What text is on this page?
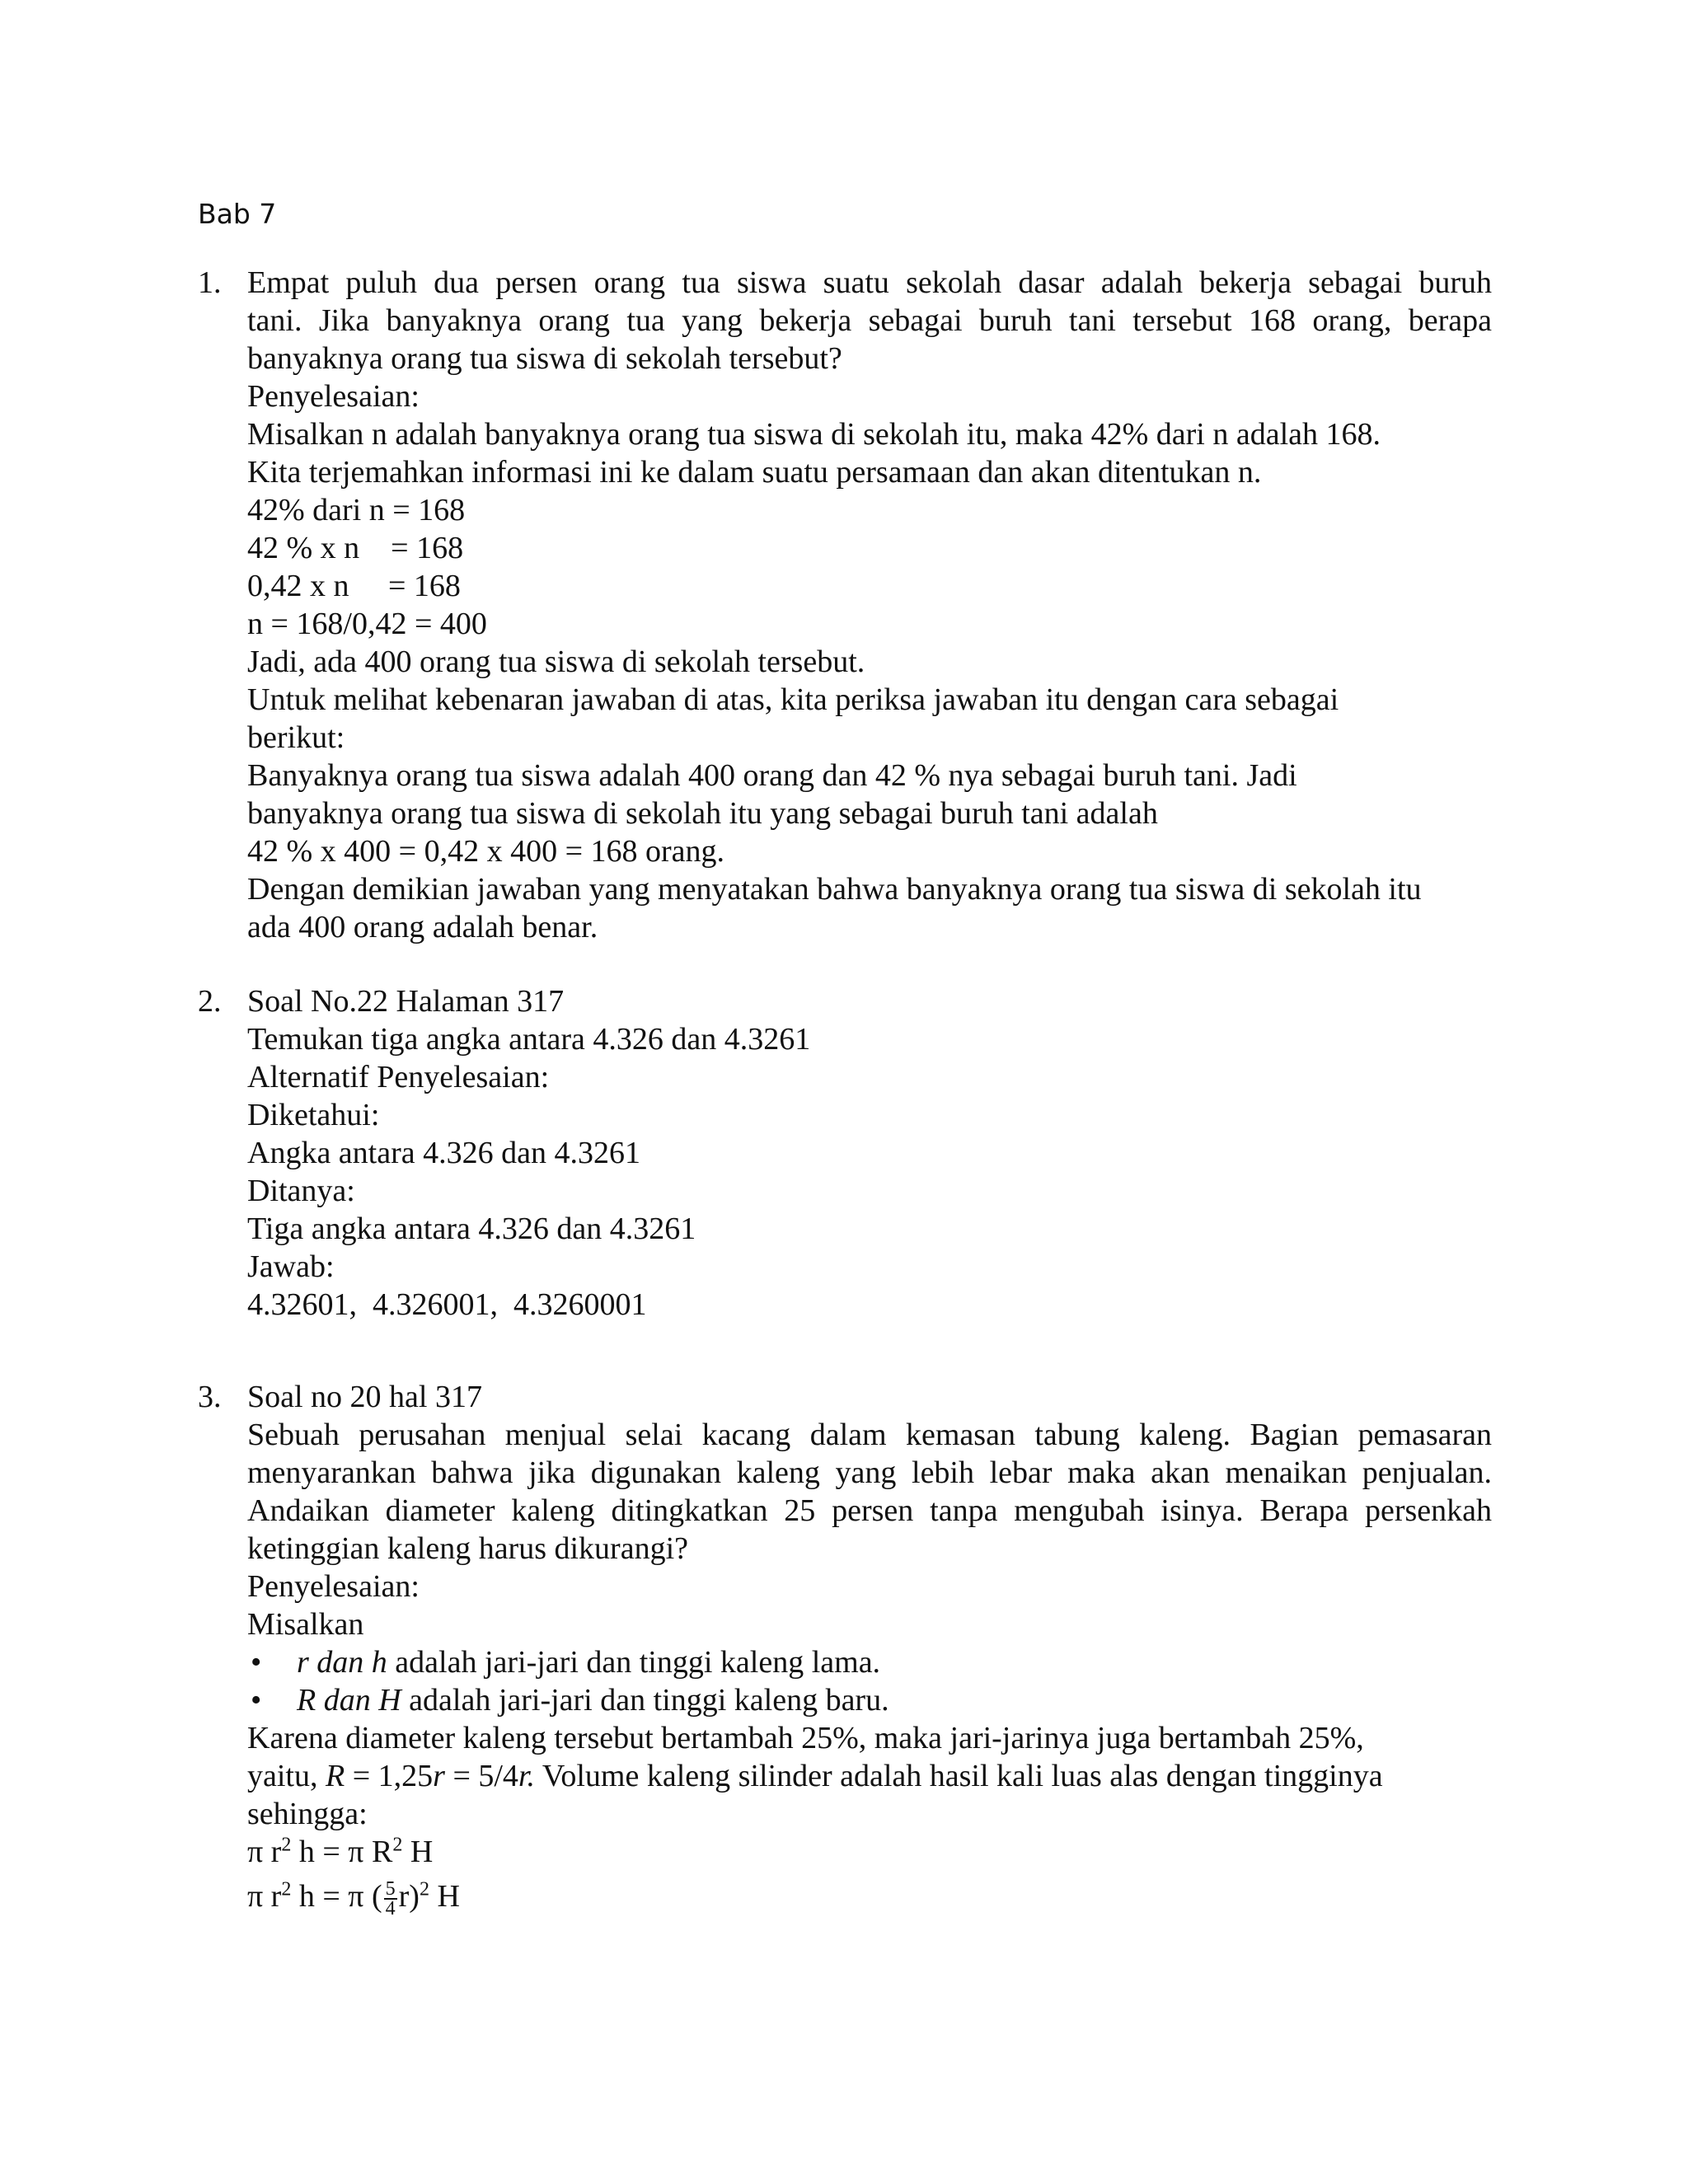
Bab 7
1. Empat puluh dua persen orang tua siswa suatu sekolah dasar adalah bekerja sebagai buruh
tani. Jika banyaknya orang tua yang bekerja sebagai buruh tani tersebut 168 orang, berapa
banyaknya orang tua siswa di sekolah tersebut?
Penyelesaian:
Misalkan n adalah banyaknya orang tua siswa di sekolah itu, maka 42% dari n adalah 168.
Kita terjemahkan informasi ini ke dalam suatu persamaan dan akan ditentukan n.
42% dari n = 168
42 % x n    = 168
0,42 x n     = 168
n = 168/0,42 = 400
Jadi, ada 400 orang tua siswa di sekolah tersebut.
Untuk melihat kebenaran jawaban di atas, kita periksa jawaban itu dengan cara sebagai
berikut:
Banyaknya orang tua siswa adalah 400 orang dan 42 % nya sebagai buruh tani. Jadi
banyaknya orang tua siswa di sekolah itu yang sebagai buruh tani adalah
42 % x 400 = 0,42 x 400 = 168 orang.
Dengan demikian jawaban yang menyatakan bahwa banyaknya orang tua siswa di sekolah itu
ada 400 orang adalah benar.
2. Soal No.22 Halaman 317
Temukan tiga angka antara 4.326 dan 4.3261
Alternatif Penyelesaian:
Diketahui:
Angka antara 4.326 dan 4.3261
Ditanya:
Tiga angka antara 4.326 dan 4.3261
Jawab:
4.32601,  4.326001,  4.3260001
3. Soal no 20 hal 317
Sebuah perusahan menjual selai kacang dalam kemasan tabung kaleng. Bagian pemasaran
menyarankan bahwa jika digunakan kaleng yang lebih lebar maka akan menaikan penjualan.
Andaikan diameter kaleng ditingkatkan 25 persen tanpa mengubah isinya. Berapa persenkah
ketinggian kaleng harus dikurangi?
Penyelesaian:
Misalkan
• r dan h adalah jari-jari dan tinggi kaleng lama.
• R dan H adalah jari-jari dan tinggi kaleng baru.
Karena diameter kaleng tersebut bertambah 25%, maka jari-jarinya juga bertambah 25%,
yaitu, R = 1,25r = 5/4r. Volume kaleng silinder adalah hasil kali luas alas dengan tingginya
sehingga:
π $r^2$ h = π $R^2$ H
π $r^2$ h = π ( $\frac{5}{4} r)^2$ H
